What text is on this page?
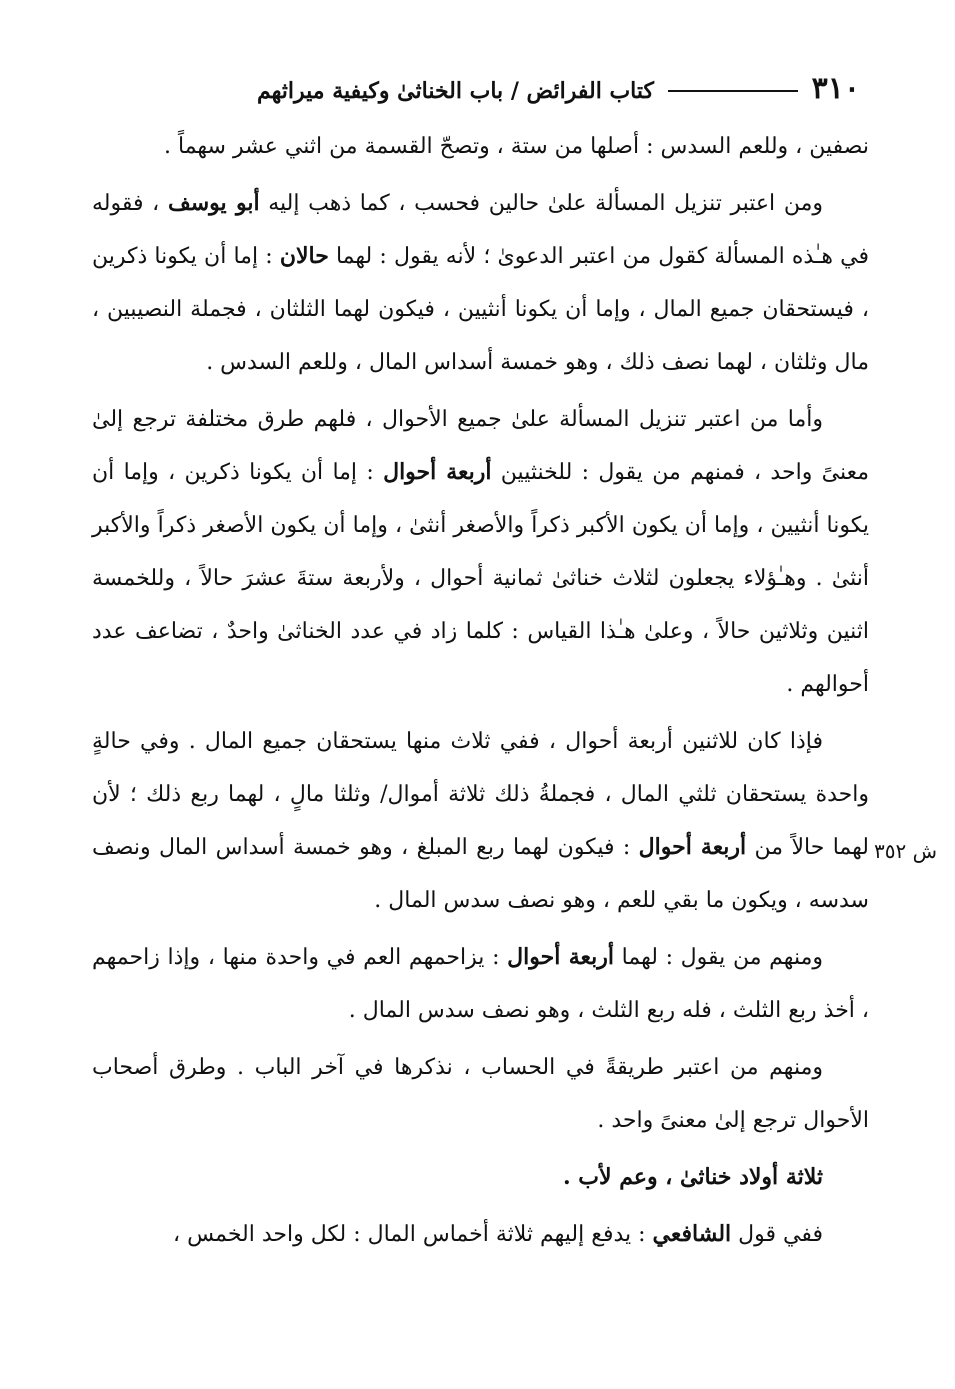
٣١٠
كتاب الفرائض / باب الخناثىٰ وكيفية ميراثهم
ش ٣٥٢

نصفين ، وللعم السدس : أصلها من ستة ، وتصحّ القسمة من اثني عشر سهماً .

ومن اعتبر تنزيل المسألة علىٰ حالين فحسب ، كما ذهب إليه أبو يوسف ، فقوله في هـٰذه المسألة كقول من اعتبر الدعوىٰ ؛ لأنه يقول : لهما حالان : إما أن يكونا ذكرين ، فيستحقان جميع المال ، وإما أن يكونا أنثيين ، فيكون لهما الثلثان ، فجملة النصيبين ، مال وثلثان ، لهما نصف ذلك ، وهو خمسة أسداس المال ، وللعم السدس .

وأما من اعتبر تنزيل المسألة علىٰ جميع الأحوال ، فلهم طرق مختلفة ترجع إلىٰ معنىً واحد ، فمنهم من يقول : للخنثيين أربعة أحوال : إما أن يكونا ذكرين ، وإما أن يكونا أنثيين ، وإما أن يكون الأكبر ذكراً والأصغر أنثىٰ ، وإما أن يكون الأصغر ذكراً والأكبر أنثىٰ . وهـٰؤلاء يجعلون لثلاث خناثىٰ ثمانية أحوال ، ولأربعة ستةَ عشرَ حالاً ، وللخمسة اثنين وثلاثين حالاً ، وعلىٰ هـٰذا القياس : كلما زاد في عدد الخناثىٰ واحدٌ ، تضاعف عدد أحوالهم .

فإذا كان للاثنين أربعة أحوال ، ففي ثلاث منها يستحقان جميع المال . وفي حالةٍ واحدة يستحقان ثلثي المال ، فجملةُ ذلك ثلاثة أموال/ وثلثا مالٍ ، لهما ربع ذلك ؛ لأن لهما حالاً من أربعة أحوال : فيكون لهما ربع المبلغ ، وهو خمسة أسداس المال ونصف سدسه ، ويكون ما بقي للعم ، وهو نصف سدس المال .

ومنهم من يقول : لهما أربعة أحوال : يزاحمهم العم في واحدة منها ، وإذا زاحمهم ، أخذ ربع الثلث ، فله ربع الثلث ، وهو نصف سدس المال .

ومنهم من اعتبر طريقةً في الحساب ، نذكرها في آخر الباب . وطرق أصحاب الأحوال ترجع إلىٰ معنىً واحد .

ثلاثة أولاد خناثىٰ ، وعم لأب .

ففي قول الشافعي : يدفع إليهم ثلاثة أخماس المال : لكل واحد الخمس ،
